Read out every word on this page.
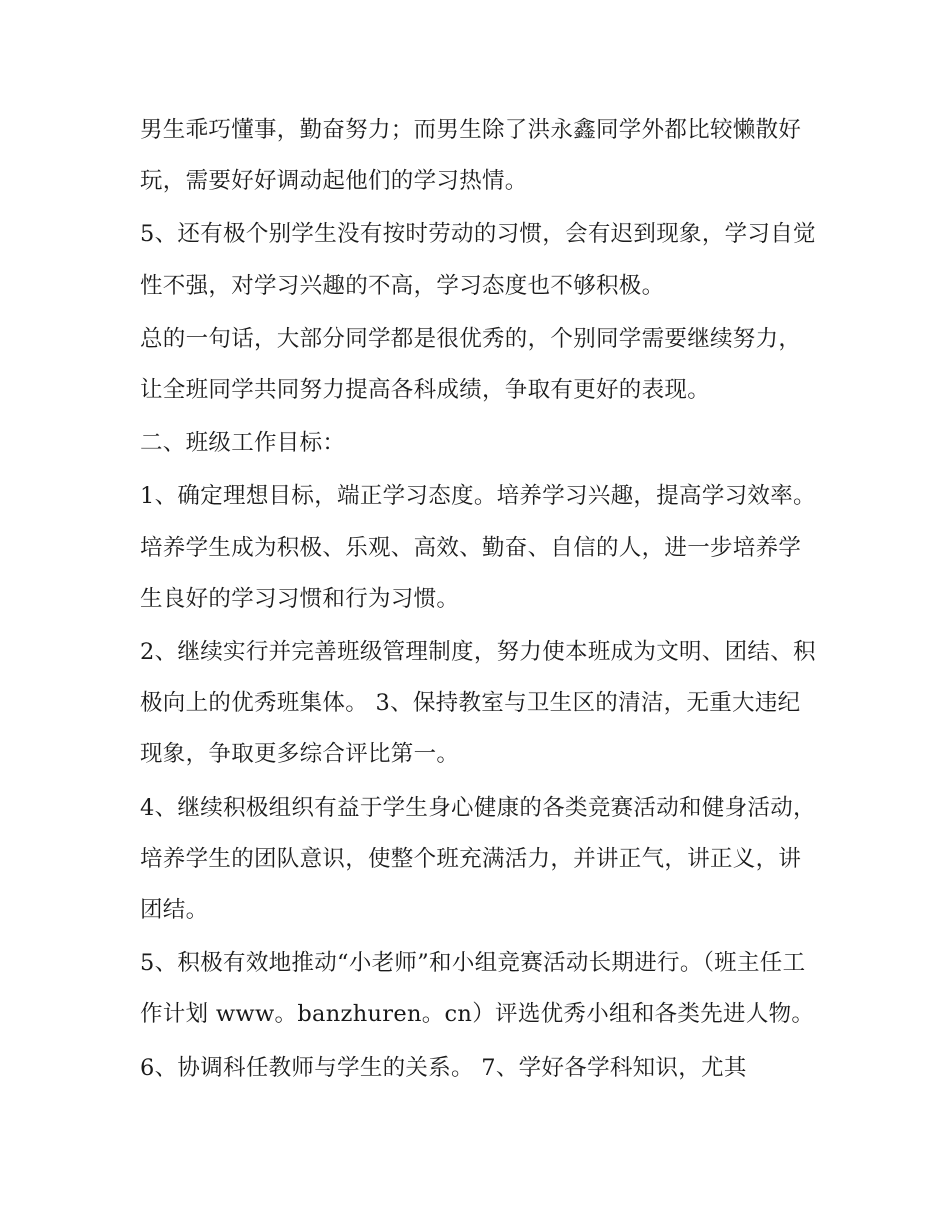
男生乖巧懂事，勤奋努力；而男生除了洪永鑫同学外都比较懒散好玩，需要好好调动起他们的学习热情。

5、还有极个别学生没有按时劳动的习惯，会有迟到现象，学习自觉性不强，对学习兴趣的不高，学习态度也不够积极。

总的一句话，大部分同学都是很优秀的，个别同学需要继续努力，让全班同学共同努力提高各科成绩，争取有更好的表现。

二、班级工作目标：

1、确定理想目标，端正学习态度。培养学习兴趣，提高学习效率。培养学生成为积极、乐观、高效、勤奋、自信的人，进一步培养学生良好的学习习惯和行为习惯。

2、继续实行并完善班级管理制度，努力使本班成为文明、团结、积极向上的优秀班集体。 3、保持教室与卫生区的清洁，无重大违纪现象，争取更多综合评比第一。

4、继续积极组织有益于学生身心健康的各类竞赛活动和健身活动，培养学生的团队意识，使整个班充满活力，并讲正气，讲正义，讲团结。

5、积极有效地推动“小老师”和小组竞赛活动长期进行。（班主任工作计划 www。banzhuren。cn）评选优秀小组和各类先进人物。

6、协调科任教师与学生的关系。 7、学好各学科知识，尤其
